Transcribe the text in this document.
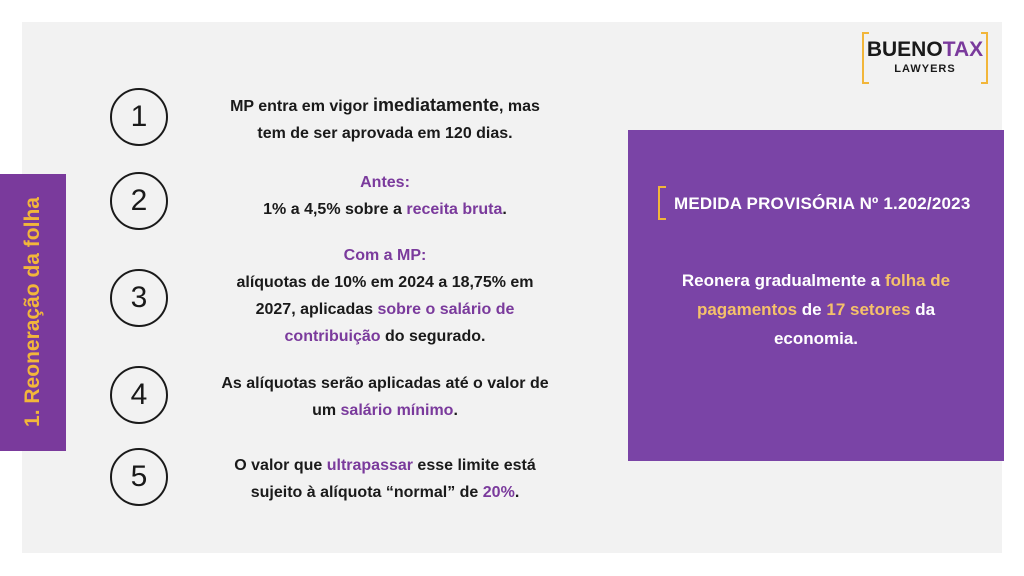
BUENOTAX
LAWYERS
1. Reoneração da folha
1	MP entra em vigor imediatamente, mas
tem de ser aprovada em 120 dias.
2
Antes:
1% a 4,5% sobre a receita bruta.
3
Com a MP:
alíquotas de 10% em 2024 a 18,75% em
2027, aplicadas sobre o salário de
contribuição do segurado.
4	As alíquotas serão aplicadas até o valor de
um salário mínimo.
5	O valor que ultrapassar esse limite está
sujeito à alíquota “normal” de 20%.
MEDIDA PROVISÓRIA Nº 1.202/2023
Reonera gradualmente a folha de pagamentos de 17 setores da economia.
